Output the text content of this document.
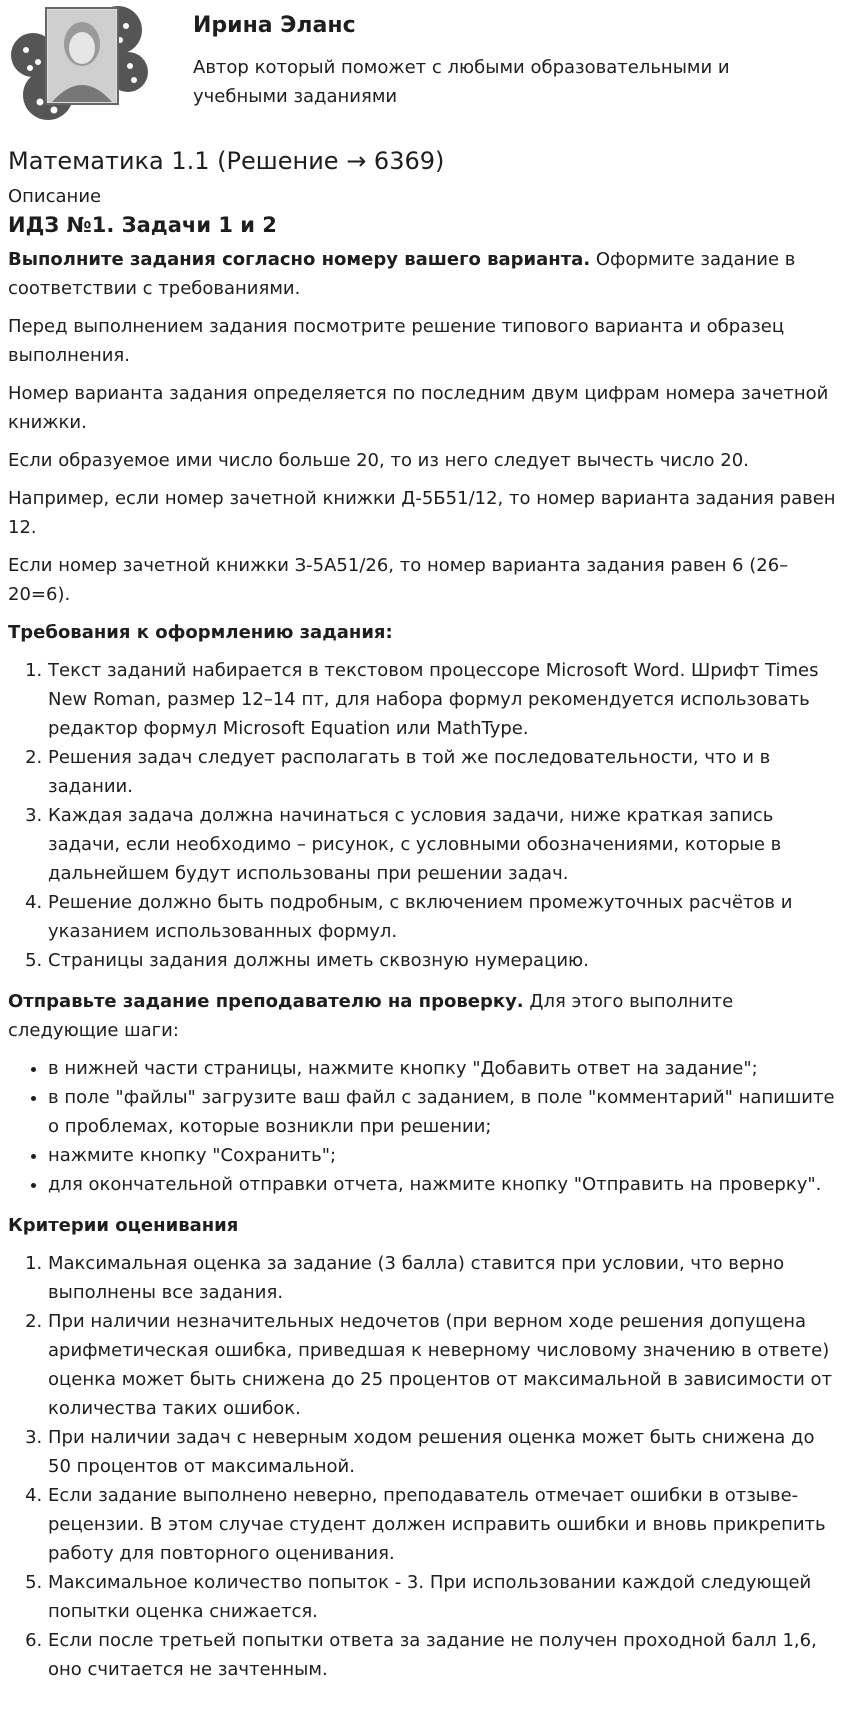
Ирина Эланс
Автор который поможет с любыми образовательными и учебными заданиями
Математика 1.1 (Решение → 6369)
Описание
ИДЗ №1. Задачи 1 и 2

Выполните задания согласно номеру вашего варианта. Оформите задание в соответствии с требованиями.

Перед выполнением задания посмотрите решение типового варианта и образец выполнения.

Номер варианта задания определяется по последним двум цифрам номера зачетной книжки.

Если образуемое ими число больше 20, то из него следует вычесть число 20.

Например, если номер зачетной книжки Д-5Б51/12, то номер варианта задания равен 12.

Если номер зачетной книжки З-5А51/26, то номер варианта задания равен 6 (26–20=6).

Требования к оформлению задания:
1. Текст заданий набирается в текстовом процессоре Microsoft Word. Шрифт Times New Roman, размер 12–14 пт, для набора формул рекомендуется использовать редактор формул Microsoft Equation или MathType.
2. Решения задач следует располагать в той же последовательности, что и в задании.
3. Каждая задача должна начинаться с условия задачи, ниже краткая запись задачи, если необходимо – рисунок, с условными обозначениями, которые в дальнейшем будут использованы при решении задач.
4. Решение должно быть подробным, с включением промежуточных расчётов и указанием использованных формул.
5. Страницы задания должны иметь сквозную нумерацию.

Отправьте задание преподавателю на проверку. Для этого выполните следующие шаги:

• в нижней части страницы, нажмите кнопку "Добавить ответ на задание";
• в поле "файлы" загрузите ваш файл с заданием, в поле "комментарий" напишите о проблемах, которые возникли при решении;
• нажмите кнопку "Сохранить";
• для окончательной отправки отчета, нажмите кнопку "Отправить на проверку".
Критерии оценивания
1. Максимальная оценка за задание (3 балла) ставится при условии, что верно выполнены все задания.
2. При наличии незначительных недочетов (при верном ходе решения допущена арифметическая ошибка, приведшая к неверному числовому значению в ответе) оценка может быть снижена до 25 процентов от максимальной в зависимости от количества таких ошибок.
3. При наличии задач с неверным ходом решения оценка может быть снижена до 50 процентов от максимальной.
4. Если задание выполнено неверно, преподаватель отмечает ошибки в отзыве-рецензии. В этом случае студент должен исправить ошибки и вновь прикрепить работу для повторного оценивания.
5. Максимальное количество попыток - 3. При использовании каждой следующей попытки оценка снижается.
6. Если после третьей попытки ответа за задание не получен проходной балл 1,6, оно считается не зачтенным.
